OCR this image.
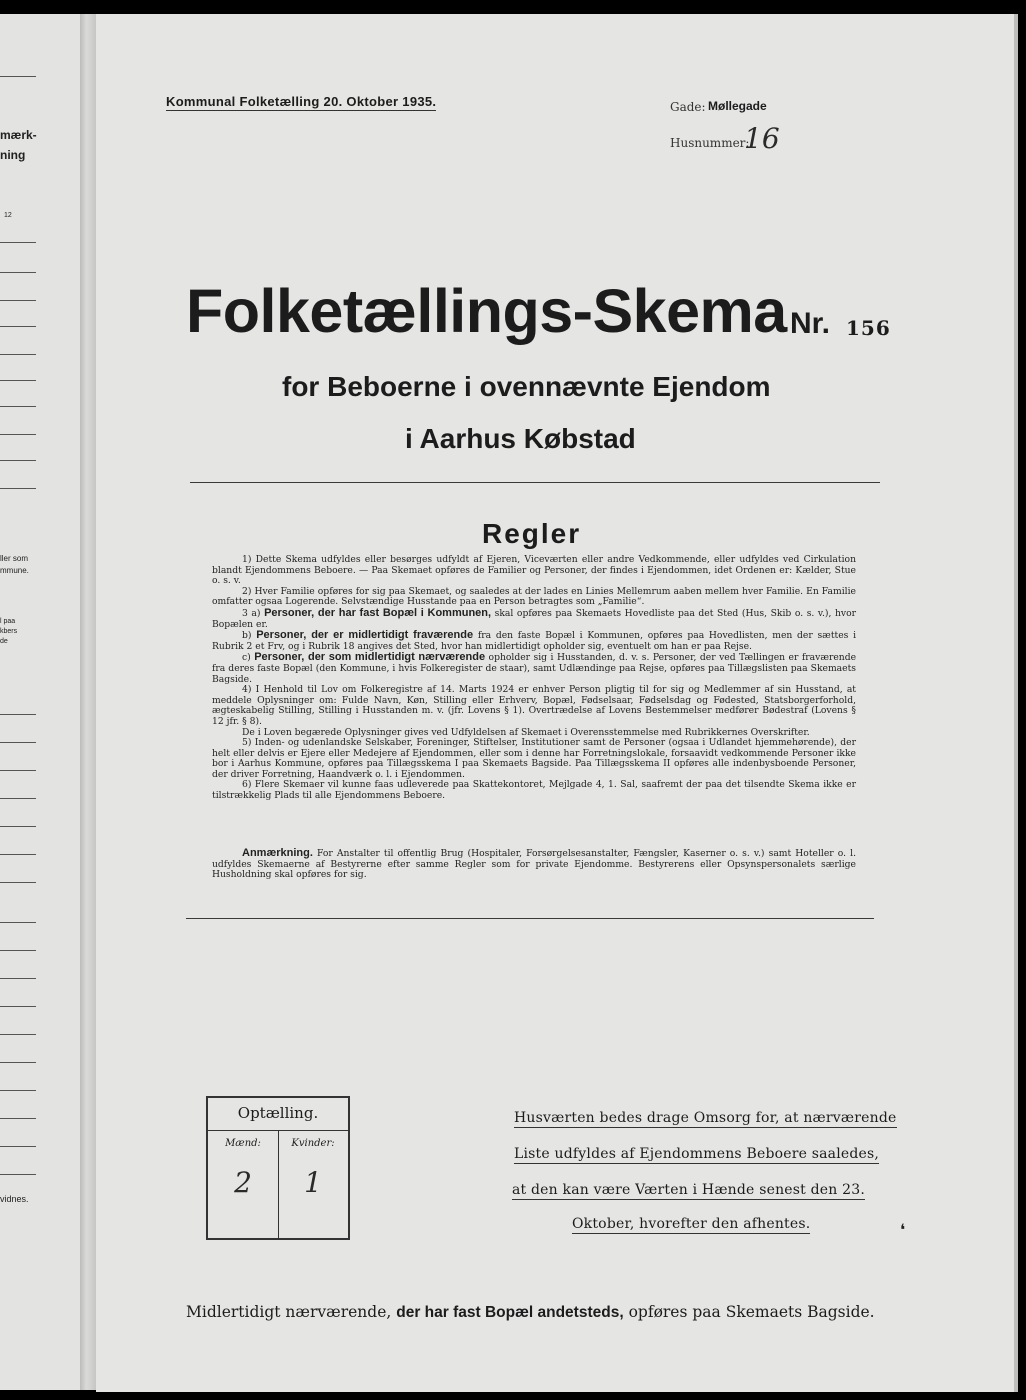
mærk-
ning
12
ller som
mmune.
l paa
kbers
de
vidnes.
Kommunal Folketælling 20. Oktober 1935.	Gade: Møllegade
Husnummer:
16
Folketællings-Skema Nr. 156
for Beboerne i ovennævnte Ejendom
i Aarhus Købstad
Regler

1) Dette Skema udfyldes eller besørges udfyldt af Ejeren, Viceværten eller andre Vedkommende, eller udfyldes ved Cirkulation blandt Ejendommens Beboere. — Paa Skemaet opføres de Familier og Personer, der findes i Ejendommen, idet Ordenen er: Kælder, Stue o. s. v.

2) Hver Familie opføres for sig paa Skemaet, og saaledes at der lades en Linies Mellemrum aaben mellem hver Familie. En Familie omfatter ogsaa Logerende. Selvstændige Husstande paa en Person betragtes som „Familie“.

3 a) Personer, der har fast Bopæl i Kommunen, skal opføres paa Skemaets Hovedliste paa det Sted (Hus, Skib o. s. v.), hvor Bopælen er.

b) Personer, der er midlertidigt fraværende fra den faste Bopæl i Kommunen, opføres paa Hovedlisten, men der sættes i Rubrik 2 et Frv, og i Rubrik 18 angives det Sted, hvor han midlertidigt opholder sig, eventuelt om han er paa Rejse.

c) Personer, der som midlertidigt nærværende opholder sig i Husstanden, d. v. s. Personer, der ved Tællingen er fraværende fra deres faste Bopæl (den Kommune, i hvis Folkeregister de staar), samt Udlændinge paa Rejse, opføres paa Tillægslisten paa Skemaets Bagside.

4) I Henhold til Lov om Folkeregistre af 14. Marts 1924 er enhver Person pligtig til for sig og Medlemmer af sin Husstand, at meddele Oplysninger om: Fulde Navn, Køn, Stilling eller Erhverv, Bopæl, Fødselsaar, Fødselsdag og Fødested, Statsborgerforhold, ægteskabelig Stilling, Stilling i Husstanden m. v. (jfr. Lovens § 1). Overtrædelse af Lovens Bestemmelser medfører Bødestraf (Lovens § 12 jfr. § 8).

De i Loven begærede Oplysninger gives ved Udfyldelsen af Skemaet i Overensstemmelse med Rubrikkernes Overskrifter.

5) Inden- og udenlandske Selskaber, Foreninger, Stiftelser, Institutioner samt de Personer (ogsaa i Udlandet hjemmehørende), der helt eller delvis er Ejere eller Medejere af Ejendommen, eller som i denne har Forretningslokale, forsaavidt vedkommende Personer ikke bor i Aarhus Kommune, opføres paa Tillægsskema I paa Skemaets Bagside. Paa Tillægsskema II opføres alle indenbysboende Personer, der driver Forretning, Haandværk o. l. i Ejendommen.

6) Flere Skemaer vil kunne faas udleverede paa Skattekontoret, Mejlgade 4, 1. Sal, saafremt der paa det tilsendte Skema ikke er tilstrækkelig Plads til alle Ejendommens Beboere.

Anmærkning. For Anstalter til offentlig Brug (Hospitaler, Forsørgelsesanstalter, Fængsler, Kaserner o. s. v.) samt Hoteller o. l. udfyldes Skemaerne af Bestyrerne efter samme Regler som for private Ejendomme. Bestyrerens eller Opsynspersonalets særlige Husholdning skal opføres for sig.

Optælling.
Mænd:	Kvinder:
2	1
Husværten bedes drage Omsorg for, at nærværende
Liste udfyldes af Ejendommens Beboere saaledes,
at den kan være Værten i Hænde senest den 23.
Oktober, hvorefter den afhentes.	❛
Midlertidigt nærværende, der har fast Bopæl andetsteds, opføres paa Skemaets Bagside.
